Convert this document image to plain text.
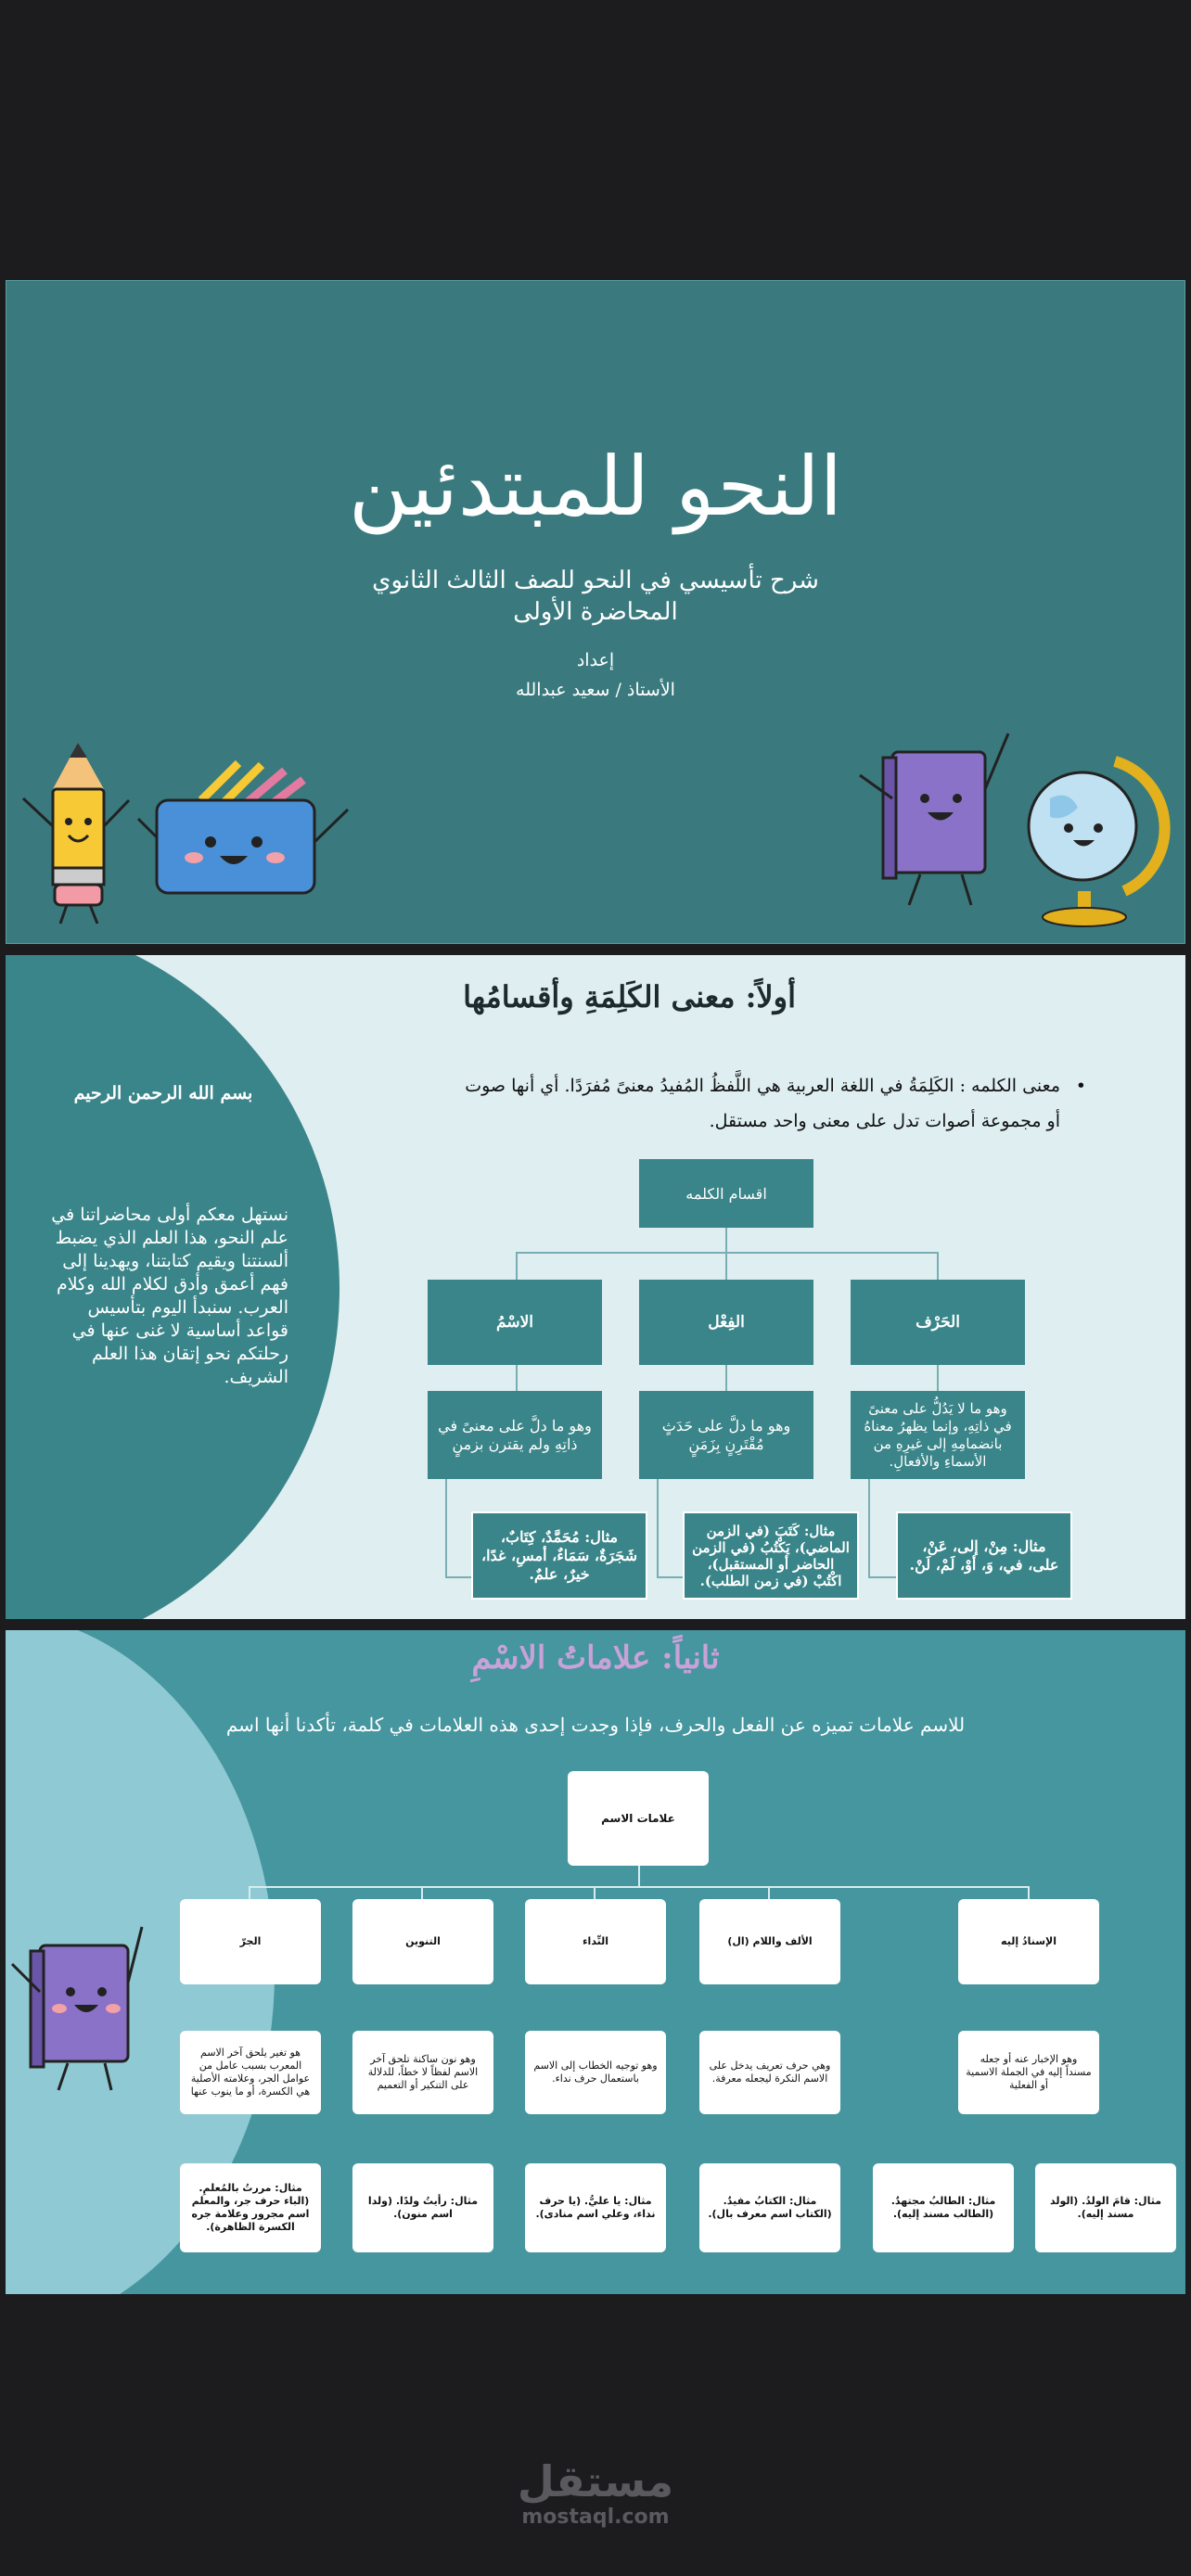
النحو للمبتدئين
شرح تأسيسي في النحو للصف الثالث الثانوي
المحاضرة الأولى
إعداد
الأستاذ / سعيد عبدالله
بسم الله الرحمن الرحيم
نستهل معكم أولى محاضراتنا في علم النحو، هذا العلم الذي يضبط ألسنتنا ويقيم كتابتنا، ويهدينا إلى فهم أعمق وأدق لكلام الله وكلام العرب. سنبدأ اليوم بتأسيس قواعد أساسية لا غنى عنها في رحلتكم نحو إتقان هذا العلم الشريف.
أولاً: معنى الكَلِمَةِ وأقسامُها
• معنى الكلمه : الكَلِمَةُ في اللغة العربية هي اللَّفظُ المُفيدُ معنىً مُفرَدًا. أي أنها صوت أو مجموعة أصوات تدل على معنى واحد مستقل.
اقسام الكلمه
الحَرْف
الفِعْل
الاسْمُ
وهو ما لا يَدُلُّ على معنىً في ذاتِهِ، وإنما يظهرُ معناهُ بانضمامِهِ إلى غيرِهِ من الأسماءِ والأفعالِ.
وهو ما دلَّ على حَدَثٍ مُقْتَرِنٍ بِزَمَنٍ
وهو ما دلَّ على معنىً في ذاتِهِ ولم يقترن بزمنٍ
مثال: مِنْ، إلى، عَنْ، على، في، وَ، أوْ، لَمْ، لَنْ.
مثال: كَتَبَ (في الزمن الماضي)، يَكْتُبُ (في الزمن الحاضر أو المستقبل)، اكْتُبْ (في زمن الطلب).
مثال: مُحَمَّدٌ، كِتَابٌ، شَجَرَةٌ، سَمَاءٌ، أمسِ، غدًا، خيرٌ، علمٌ.
ثانياً: علاماتُ الاسْمِ
للاسم علامات تميزه عن الفعل والحرف، فإذا وجدت إحدى هذه العلامات في كلمة، تأكدنا أنها اسم
علامات الاسم
الإسنادُ إليه
الألف واللام (ال)
النِّداء
التنوين
الجرّ
وهو الإخبار عنه أو جعله مسنداً إليه في الجملة الاسمية أو الفعلية
وهي حرف تعريف يدخل على الاسم النكرة ليجعله معرفة.
وهو توجيه الخطاب إلى الاسم باستعمال حرف نداء.
وهو نون ساكنة تلحق آخر الاسم لفظاً لا خطاً، للدلالة على التنكير أو التعميم
هو تغير يلحق آخر الاسم المعرب بسبب عامل من عوامل الجر، وعلامته الأصلية هي الكسرة، أو ما ينوب عنها
مثال: قامَ الولدُ. (الولد مسند إليه).
مثال: الطالبُ مجتهدٌ. (الطالب مسند إليه).
مثال: الكتابُ مفيدٌ. (الكتاب اسم معرف بال).
مثال: يا عليُّ. (يا حرف نداء، وعلي اسم منادى).
مثال: رأيتُ ولدًا. (ولدا اسم منون).
مثال: مررتُ بالمُعلمِ. (الباء حرف جر، والمعلم اسم مجرور وعلامة جره الكسرة الظاهرة).
مستقل
mostaql.com
